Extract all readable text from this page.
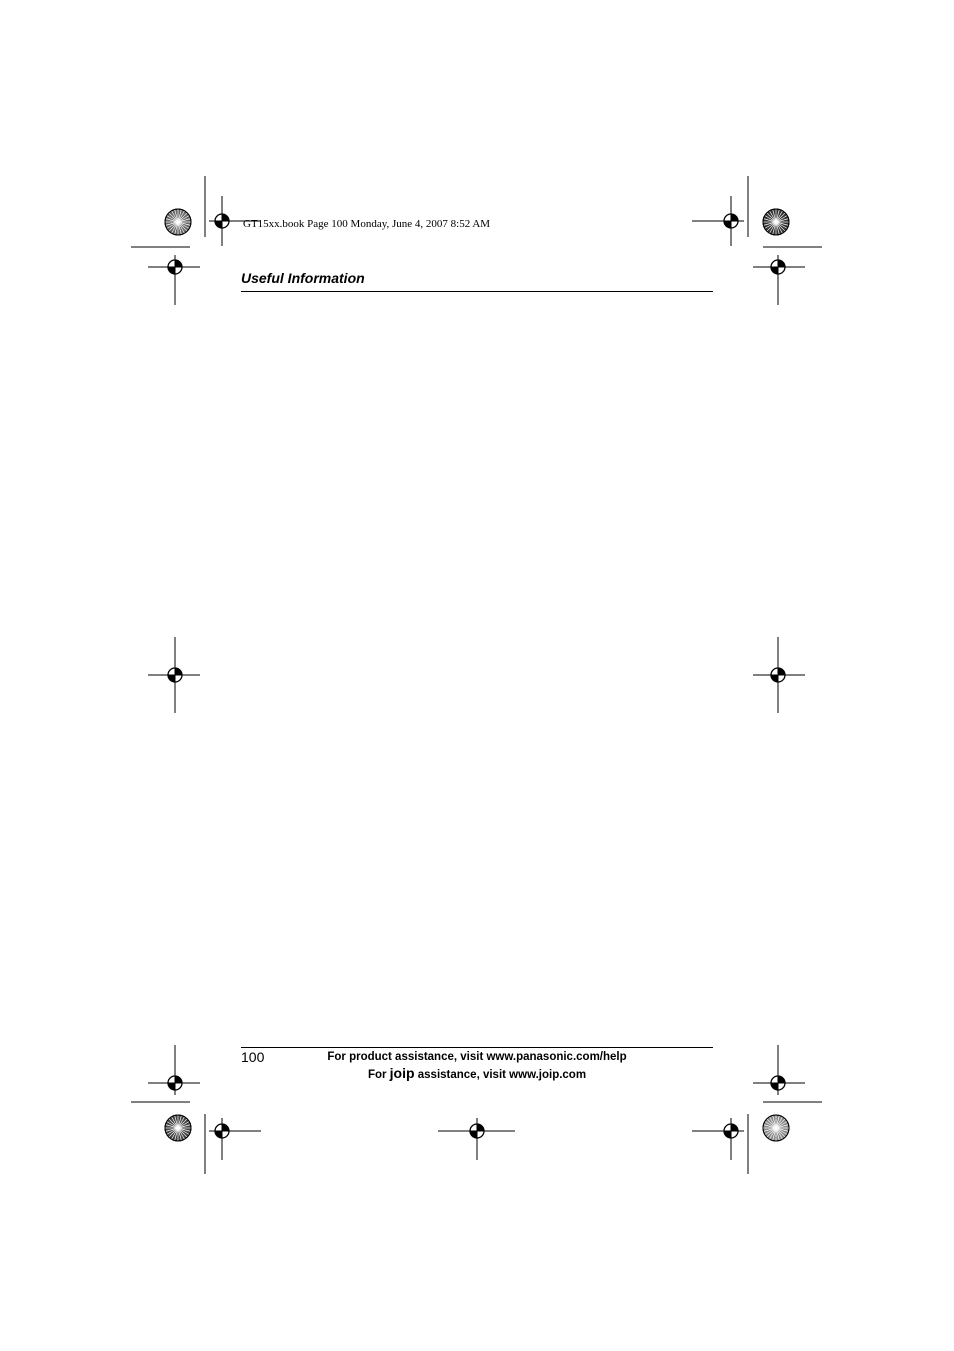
GT15xx.book Page 100 Monday, June 4, 2007 8:52 AM
Useful Information
100	For product assistance, visit www.panasonic.com/help
For joip assistance, visit www.joip.com
